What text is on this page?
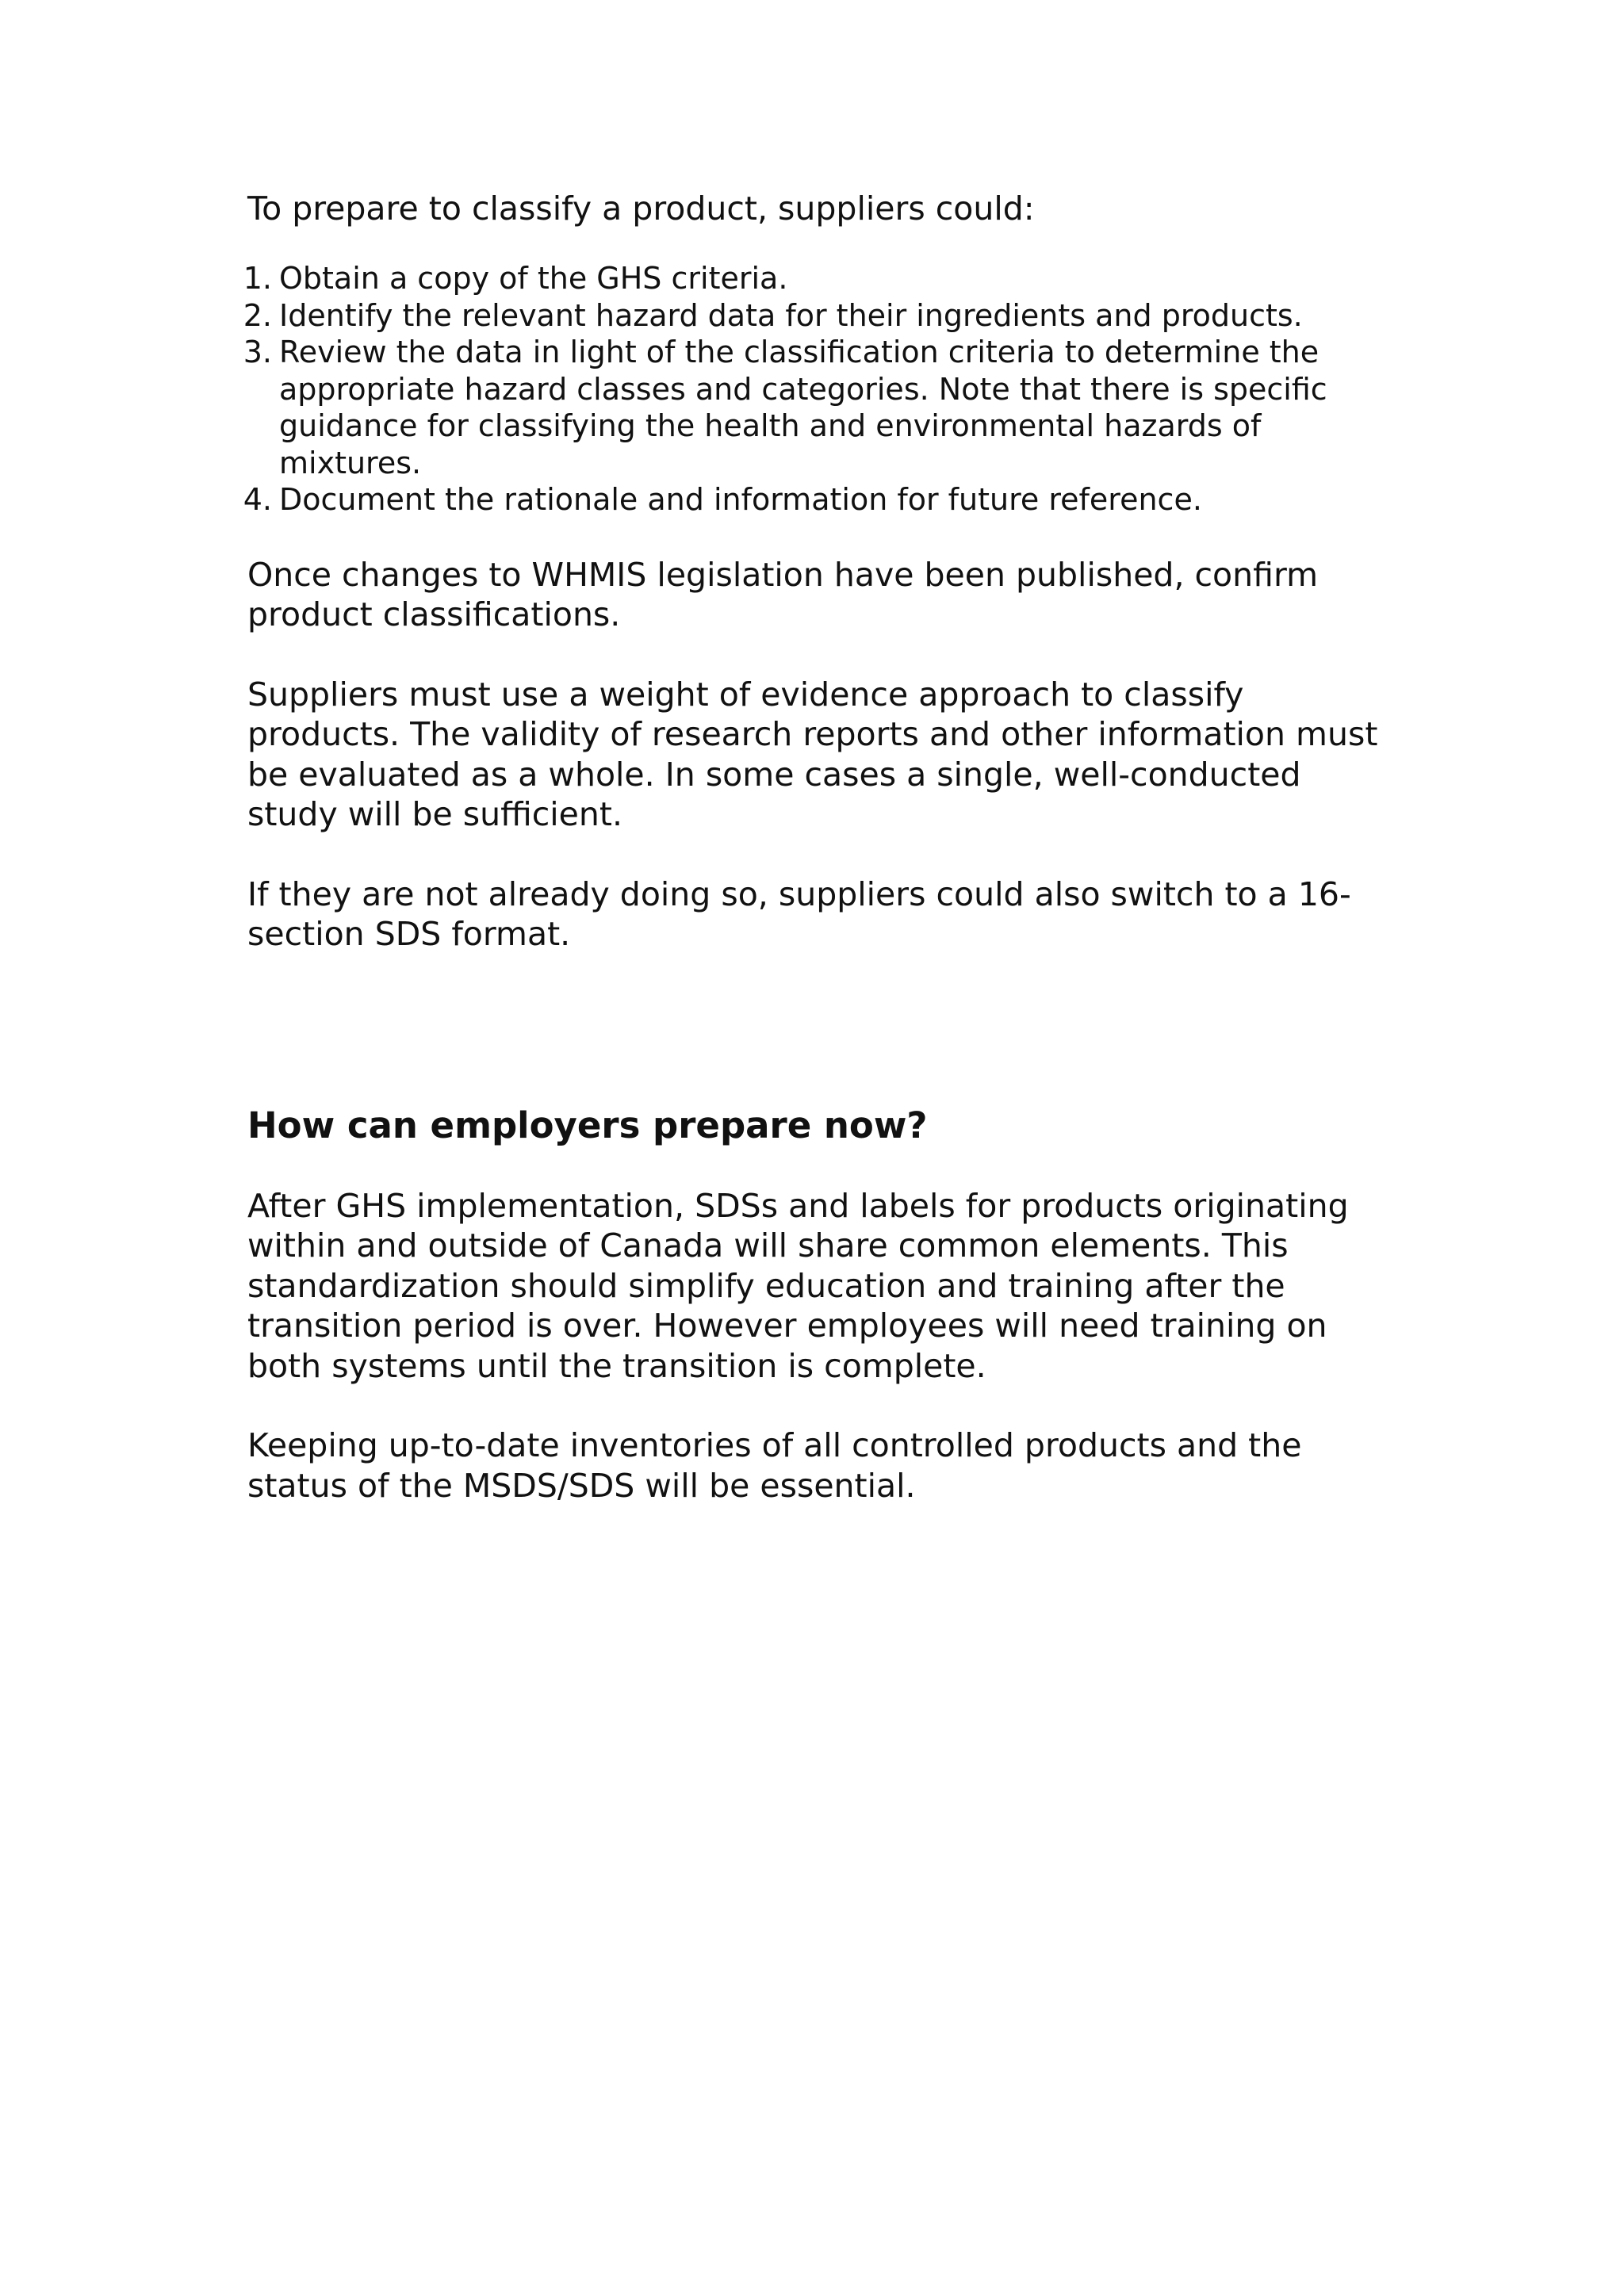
To prepare to classify a product, suppliers could:

1. Obtain a copy of the GHS criteria.
2. Identify the relevant hazard data for their ingredients and products.
3. Review the data in light of the classification criteria to determine the appropriate hazard classes and categories. Note that there is specific guidance for classifying the health and environmental hazards of mixtures.
4. Document the rationale and information for future reference.

Once changes to WHMIS legislation have been published, confirm product classifications.

Suppliers must use a weight of evidence approach to classify products. The validity of research reports and other information must be evaluated as a whole. In some cases a single, well-conducted study will be sufficient.

If they are not already doing so, suppliers could also switch to a 16-section SDS format.

How can employers prepare now?

After GHS implementation, SDSs and labels for products originating within and outside of Canada will share common elements. This standardization should simplify education and training after the transition period is over. However employees will need training on both systems until the transition is complete.

Keeping up-to-date inventories of all controlled products and the status of the MSDS/SDS will be essential.
